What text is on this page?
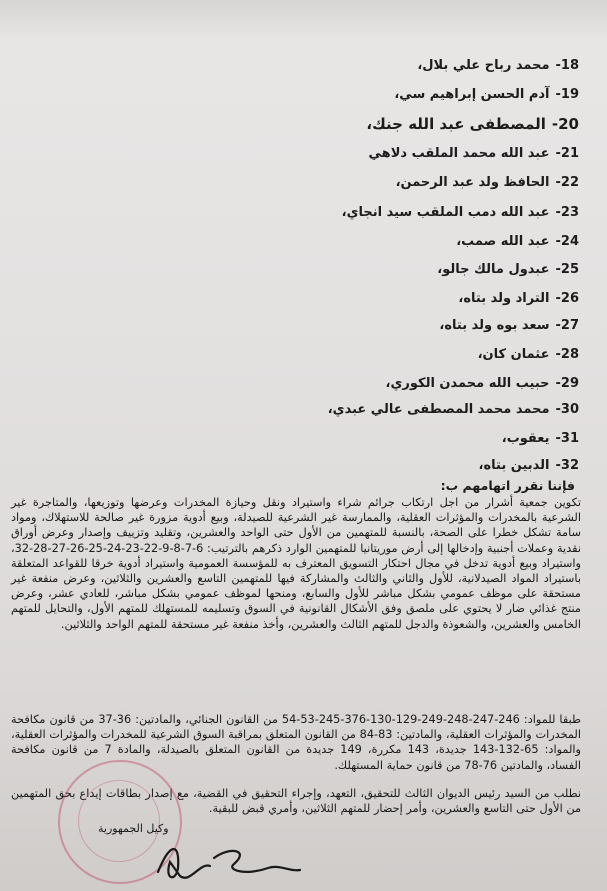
18-محمد رباح علي بلال،
19-آدم الحسن إبراهيم سي،
20-المصطفى عبد الله جنك،
21-عبد الله محمد الملقب دلاهي
22-الحافظ ولد عبد الرحمن،
23-عبد الله دمب الملقب سيد انجاي،
24-عبد الله صمب،
25-عبدول مالك جالو،
26-التراد ولد بتاه،
27-سعد بوه ولد بتاه،
28-عثمان كان،
29-حبيب الله محمدن الكوري،
30-محمد محمد المصطفى عالي عبدي،
31-يعقوب،
32-الدبين بتاه،
فإننا نقرر اتهامهم ب:
تكوين جمعية أشرار من اجل ارتكاب جرائم شراء واستيراد ونقل وحيازة المخدرات وعرضها وتوزيعها، والمتاجرة غير الشرعية بالمخدرات والمؤثرات العقلية، والممارسة غير الشرعية للصيدلة، وبيع أدوية مزورة غير صالحة للاستهلاك، ومواد سامة تشكل خطرا على الصحة، بالنسبة للمتهمين من الأول حتى الواحد والعشرين، وتقليد وتزييف وإصدار وعرض أوراق نقدية وعملات أجنبية وإدخالها إلى أرض موريتانيا للمتهمين الوارد ذكرهم بالترتيب: 6-7-8-9-22-23-24-25-26-27-28-32، واستيراد وبيع أدوية تدخل في مجال احتكار التسويق المعترف به للمؤسسة العمومية واستيراد أدوية خرقا للقواعد المتعلقة باستيراد المواد الصيدلانية، للأول والثاني والثالث والمشاركة فيها للمتهمين التاسع والعشرين والثلاثين، وعرض منفعة غير مستحقة على موظف عمومي بشكل مباشر للأول والسابع، ومنحها لموظف عمومي بشكل مباشر، للعادي عشر، وعرض منتج غذائي ضار لا يحتوي على ملصق وفق الأشكال القانونية في السوق وتسليمه للمستهلك للمتهم الأول، والتحايل للمتهم الخامس والعشرين، والشعوذة والدجل للمتهم الثالث والعشرين، وأخذ منفعة غير مستحقة للمتهم الواحد والثلاثين.
طبقا للمواد: 246-247-248-249-129-130-376-245-53-54 من القانون الجنائي، والمادتين: 36-37 من قانون مكافحة المخدرات والمؤثرات العقلية، والمادتين: 83-84 من القانون المتعلق بمراقبة السوق الشرعية للمخدرات والمؤثرات العقلية، والمواد: 65-132-143 جديدة، 143 مكررة، 149 جديدة من القانون المتعلق بالصيدلة، والمادة 7 من قانون مكافحة الفساد، والمادتين 76-78 من قانون حماية المستهلك.
نطلب من السيد رئيس الديوان الثالث للتحقيق، التعهد، وإجراء التحقيق في القضية، مع إصدار بطاقات إيداع بحق المتهمين من الأول حتى التاسع والعشرين، وأمر إحضار للمتهم الثلاثين، وأمري قبض للبقية.
وكيل الجمهورية
